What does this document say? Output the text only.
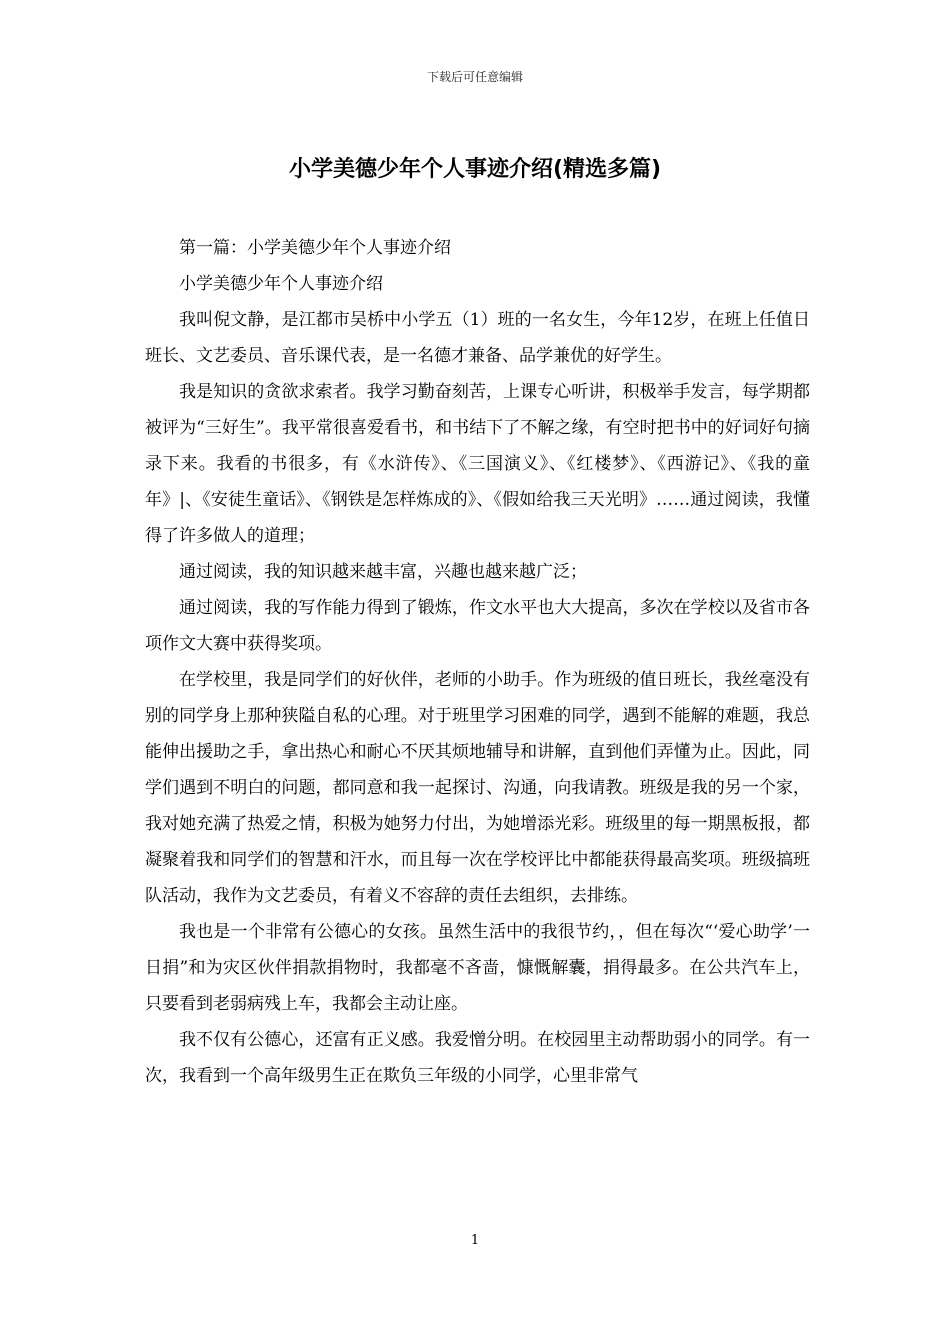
下载后可任意编辑
小学美德少年个人事迹介绍(精选多篇)

第一篇：小学美德少年个人事迹介绍

小学美德少年个人事迹介绍

我叫倪文静，是江都市吴桥中小学五（1）班的一名女生，今年12岁，在班上任值日班长、文艺委员、音乐课代表，是一名德才兼备、品学兼优的好学生。

我是知识的贪欲求索者。我学习勤奋刻苦，上课专心听讲，积极举手发言，每学期都被评为“三好生”。我平常很喜爱看书，和书结下了不解之缘，有空时把书中的好词好句摘录下来。我看的书很多，有《水浒传》、《三国演义》、《红楼梦》、《西游记》、《我的童年》|、《安徒生童话》、《钢铁是怎样炼成的》、《假如给我三天光明》……通过阅读，我懂得了许多做人的道理；

通过阅读，我的知识越来越丰富，兴趣也越来越广泛；

通过阅读，我的写作能力得到了锻炼，作文水平也大大提高，多次在学校以及省市各项作文大赛中获得奖项。

在学校里，我是同学们的好伙伴，老师的小助手。作为班级的值日班长，我丝毫没有别的同学身上那种狭隘自私的心理。对于班里学习困难的同学，遇到不能解的难题，我总能伸出援助之手，拿出热心和耐心不厌其烦地辅导和讲解，直到他们弄懂为止。因此，同学们遇到不明白的问题，都同意和我一起探讨、沟通，向我请教。班级是我的另一个家，我对她充满了热爱之情，积极为她努力付出，为她增添光彩。班级里的每一期黑板报，都凝聚着我和同学们的智慧和汗水，而且每一次在学校评比中都能获得最高奖项。班级搞班队活动，我作为文艺委员，有着义不容辞的责任去组织，去排练。

我也是一个非常有公德心的女孩。虽然生活中的我很节约，，但在每次“‘爱心助学’一日捐”和为灾区伙伴捐款捐物时，我都毫不吝啬，慷慨解囊，捐得最多。在公共汽车上，只要看到老弱病残上车，我都会主动让座。

我不仅有公德心，还富有正义感。我爱憎分明。在校园里主动帮助弱小的同学。有一次，我看到一个高年级男生正在欺负三年级的小同学，心里非常气

1
